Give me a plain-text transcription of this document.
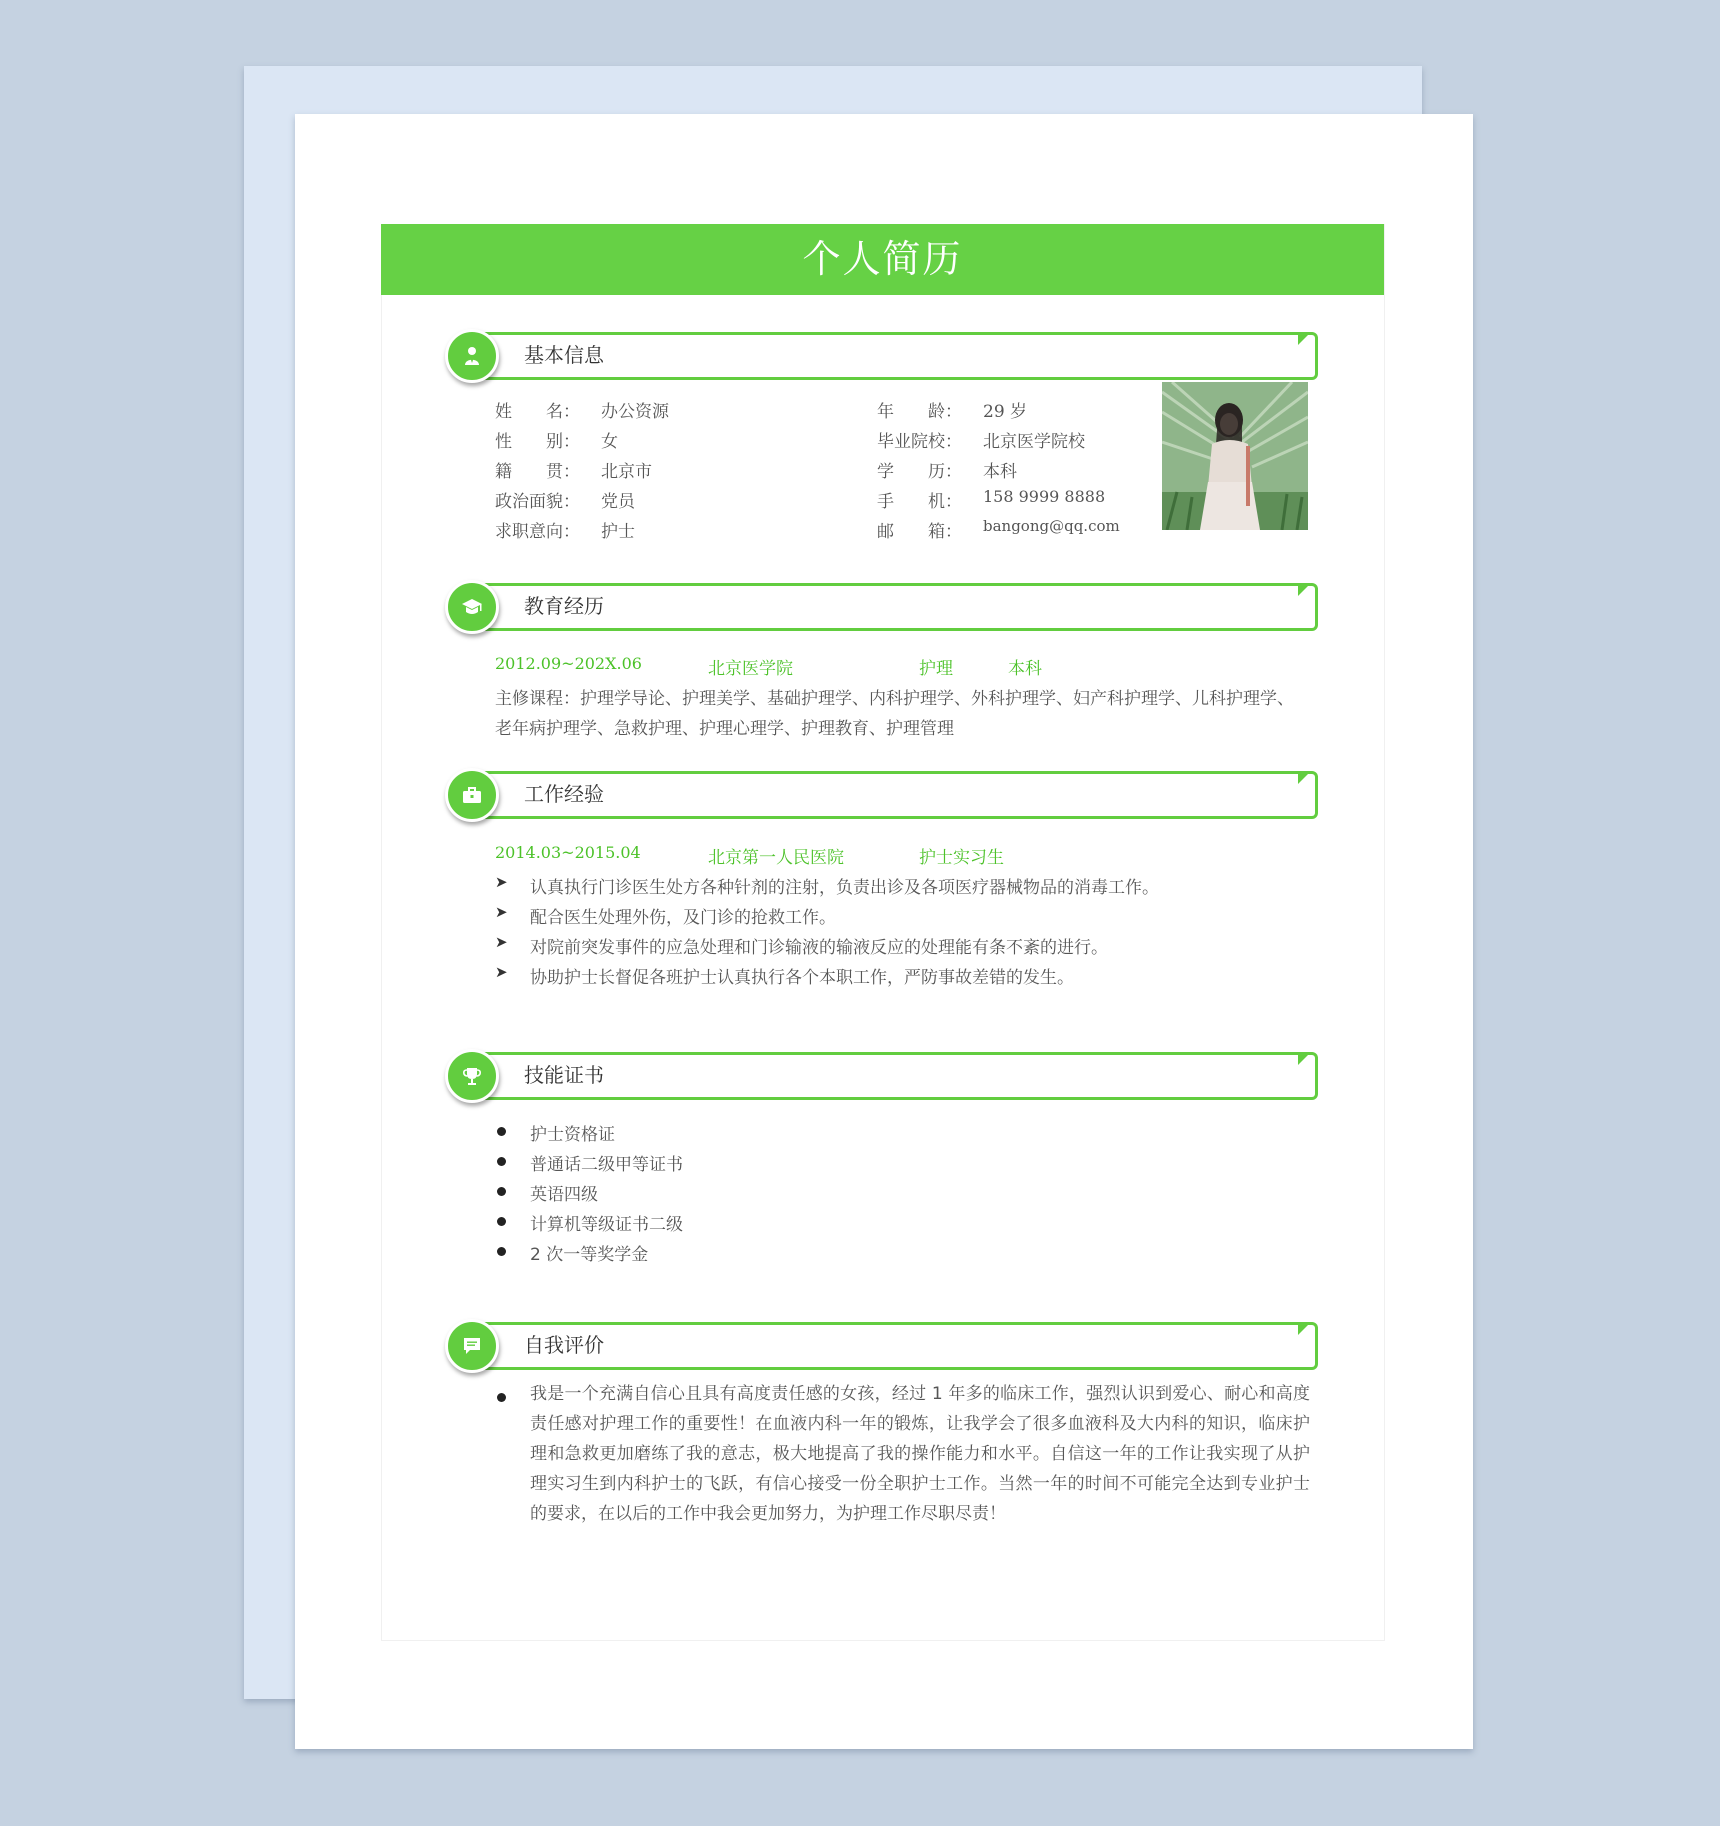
个人简历
基本信息
姓　　名： 办公资源
性　　别： 女
籍　　贯： 北京市
政治面貌： 党员
求职意向： 护士
年　　龄： 29 岁
毕业院校： 北京医学院校
学　　历： 本科
手　　机： 158 9999 8888
邮　　箱： bangong@qq.com
教育经历
2012.09~202X.06	北京医学院	护理	本科
主修课程：护理学导论、护理美学、基础护理学、内科护理学、外科护理学、妇产科护理学、儿科护理学、
老年病护理学、急救护理、护理心理学、护理教育、护理管理
工作经验
2014.03~2015.04	北京第一人民医院	护士实习生
➤ 认真执行门诊医生处方各种针剂的注射，负责出诊及各项医疗器械物品的消毒工作。
➤ 配合医生处理外伤，及门诊的抢救工作。
➤ 对院前突发事件的应急处理和门诊输液的输液反应的处理能有条不紊的进行。
➤ 协助护士长督促各班护士认真执行各个本职工作，严防事故差错的发生。
技能证书
护士资格证
普通话二级甲等证书
英语四级
计算机等级证书二级
2 次一等奖学金
自我评价
我是一个充满自信心且具有高度责任感的女孩，经过 1 年多的临床工作，强烈认识到爱心、耐心和高度责任感对护理工作的重要性！在血液内科一年的锻炼，让我学会了很多血液科及大内科的知识，临床护理和急救更加磨练了我的意志，极大地提高了我的操作能力和水平。自信这一年的工作让我实现了从护理实习生到内科护士的飞跃，有信心接受一份全职护士工作。当然一年的时间不可能完全达到专业护士的要求，在以后的工作中我会更加努力，为护理工作尽职尽责！
